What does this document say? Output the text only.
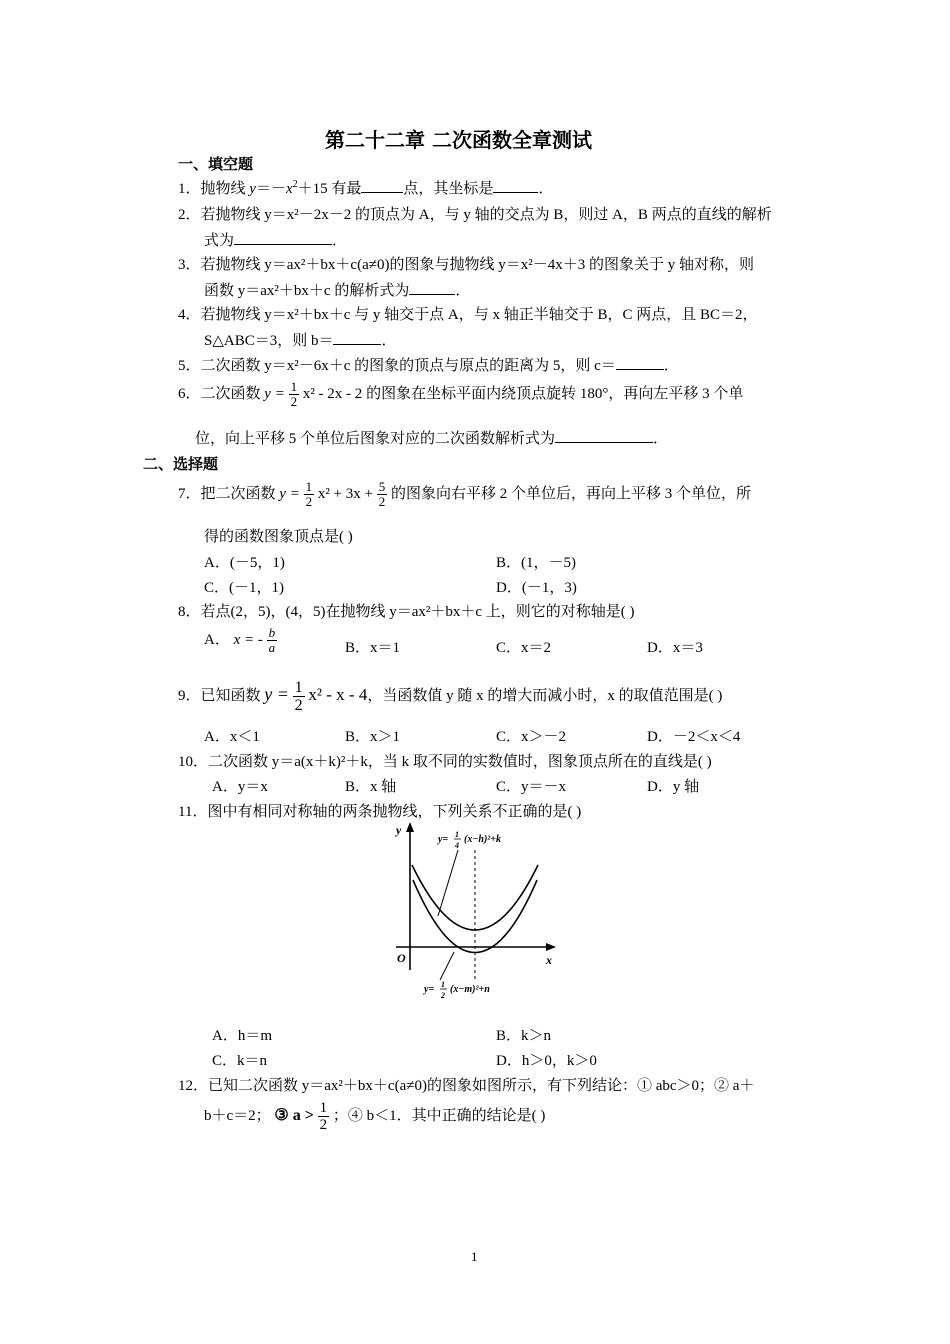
第二十二章 二次函数全章测试
一、填空题
1．抛物线 $y=-x^2+15$ 有最	点，其坐标是	．
2．若抛物线 y＝x²－2x－2 的顶点为 A，与 y 轴的交点为 B，则过 A，B 两点的直线的解析
式为	．
3．若抛物线 y＝ax²＋bx＋c(a≠0)的图象与抛物线 y＝x²－4x＋3 的图象关于 y 轴对称，则
函数 y＝ax²＋bx＋c 的解析式为	．
4．若抛物线 y＝x²＋bx＋c 与 y 轴交于点 A，与 x 轴正半轴交于 B，C 两点，且 BC＝2，
S△ABC＝3，则 b＝	．
5．二次函数 y＝x²－6x＋c 的图象的顶点与原点的距离为 5，则 c＝	．
6．二次函数 $y = \frac{1}{2} x^2 - 2x - 2$ 的图象在坐标平面内绕顶点旋转 180°，再向左平移 3 个单
位，向上平移 5 个单位后图象对应的二次函数解析式为	．
二、选择题
7．把二次函数 $y = \frac{1}{2} x^2 + 3x + \frac{5}{2}$ 的图象向右平移 2 个单位后，再向上平移 3 个单位，所
得的函数图象顶点是( )
A．(－5，1)	B．(1，－5)
C．(－1，1)	D．(－1，3)
8．若点(2，5)，(4，5)在抛物线 y＝ax²＋bx＋c 上，则它的对称轴是( )
A． x = - $\frac{b}{a}$	B．x＝1	C．x＝2	D．x＝3
9．已知函数 $y = \frac{1}{2} x^2 - x - 4$，当函数值 y 随 x 的增大而减小时，x 的取值范围是( )
A．x＜1	B．x＞1	C．x＞－2	D．－2＜x＜4
10．二次函数 y＝a(x＋k)²＋k，当 k 取不同的实数值时，图象顶点所在的直线是( )
A．y＝x	B．x 轴	C．y＝－x	D．y 轴
11．图中有相同对称轴的两条抛物线，下列关系不正确的是( )
y
x
O
y= 1
4
(x−h)²+k
y= 1
2
(x−m)²+n
A．h＝m	B．k＞n
C．k＝n	D．h＞0，k＞0
12．已知二次函数 y＝ax²＋bx＋c(a≠0)的图象如图所示，有下列结论：① abc＞0；② a＋
b＋c＝2； ③ $a > \frac{1}{2}$ ；④ b＜1．其中正确的结论是( )
1
